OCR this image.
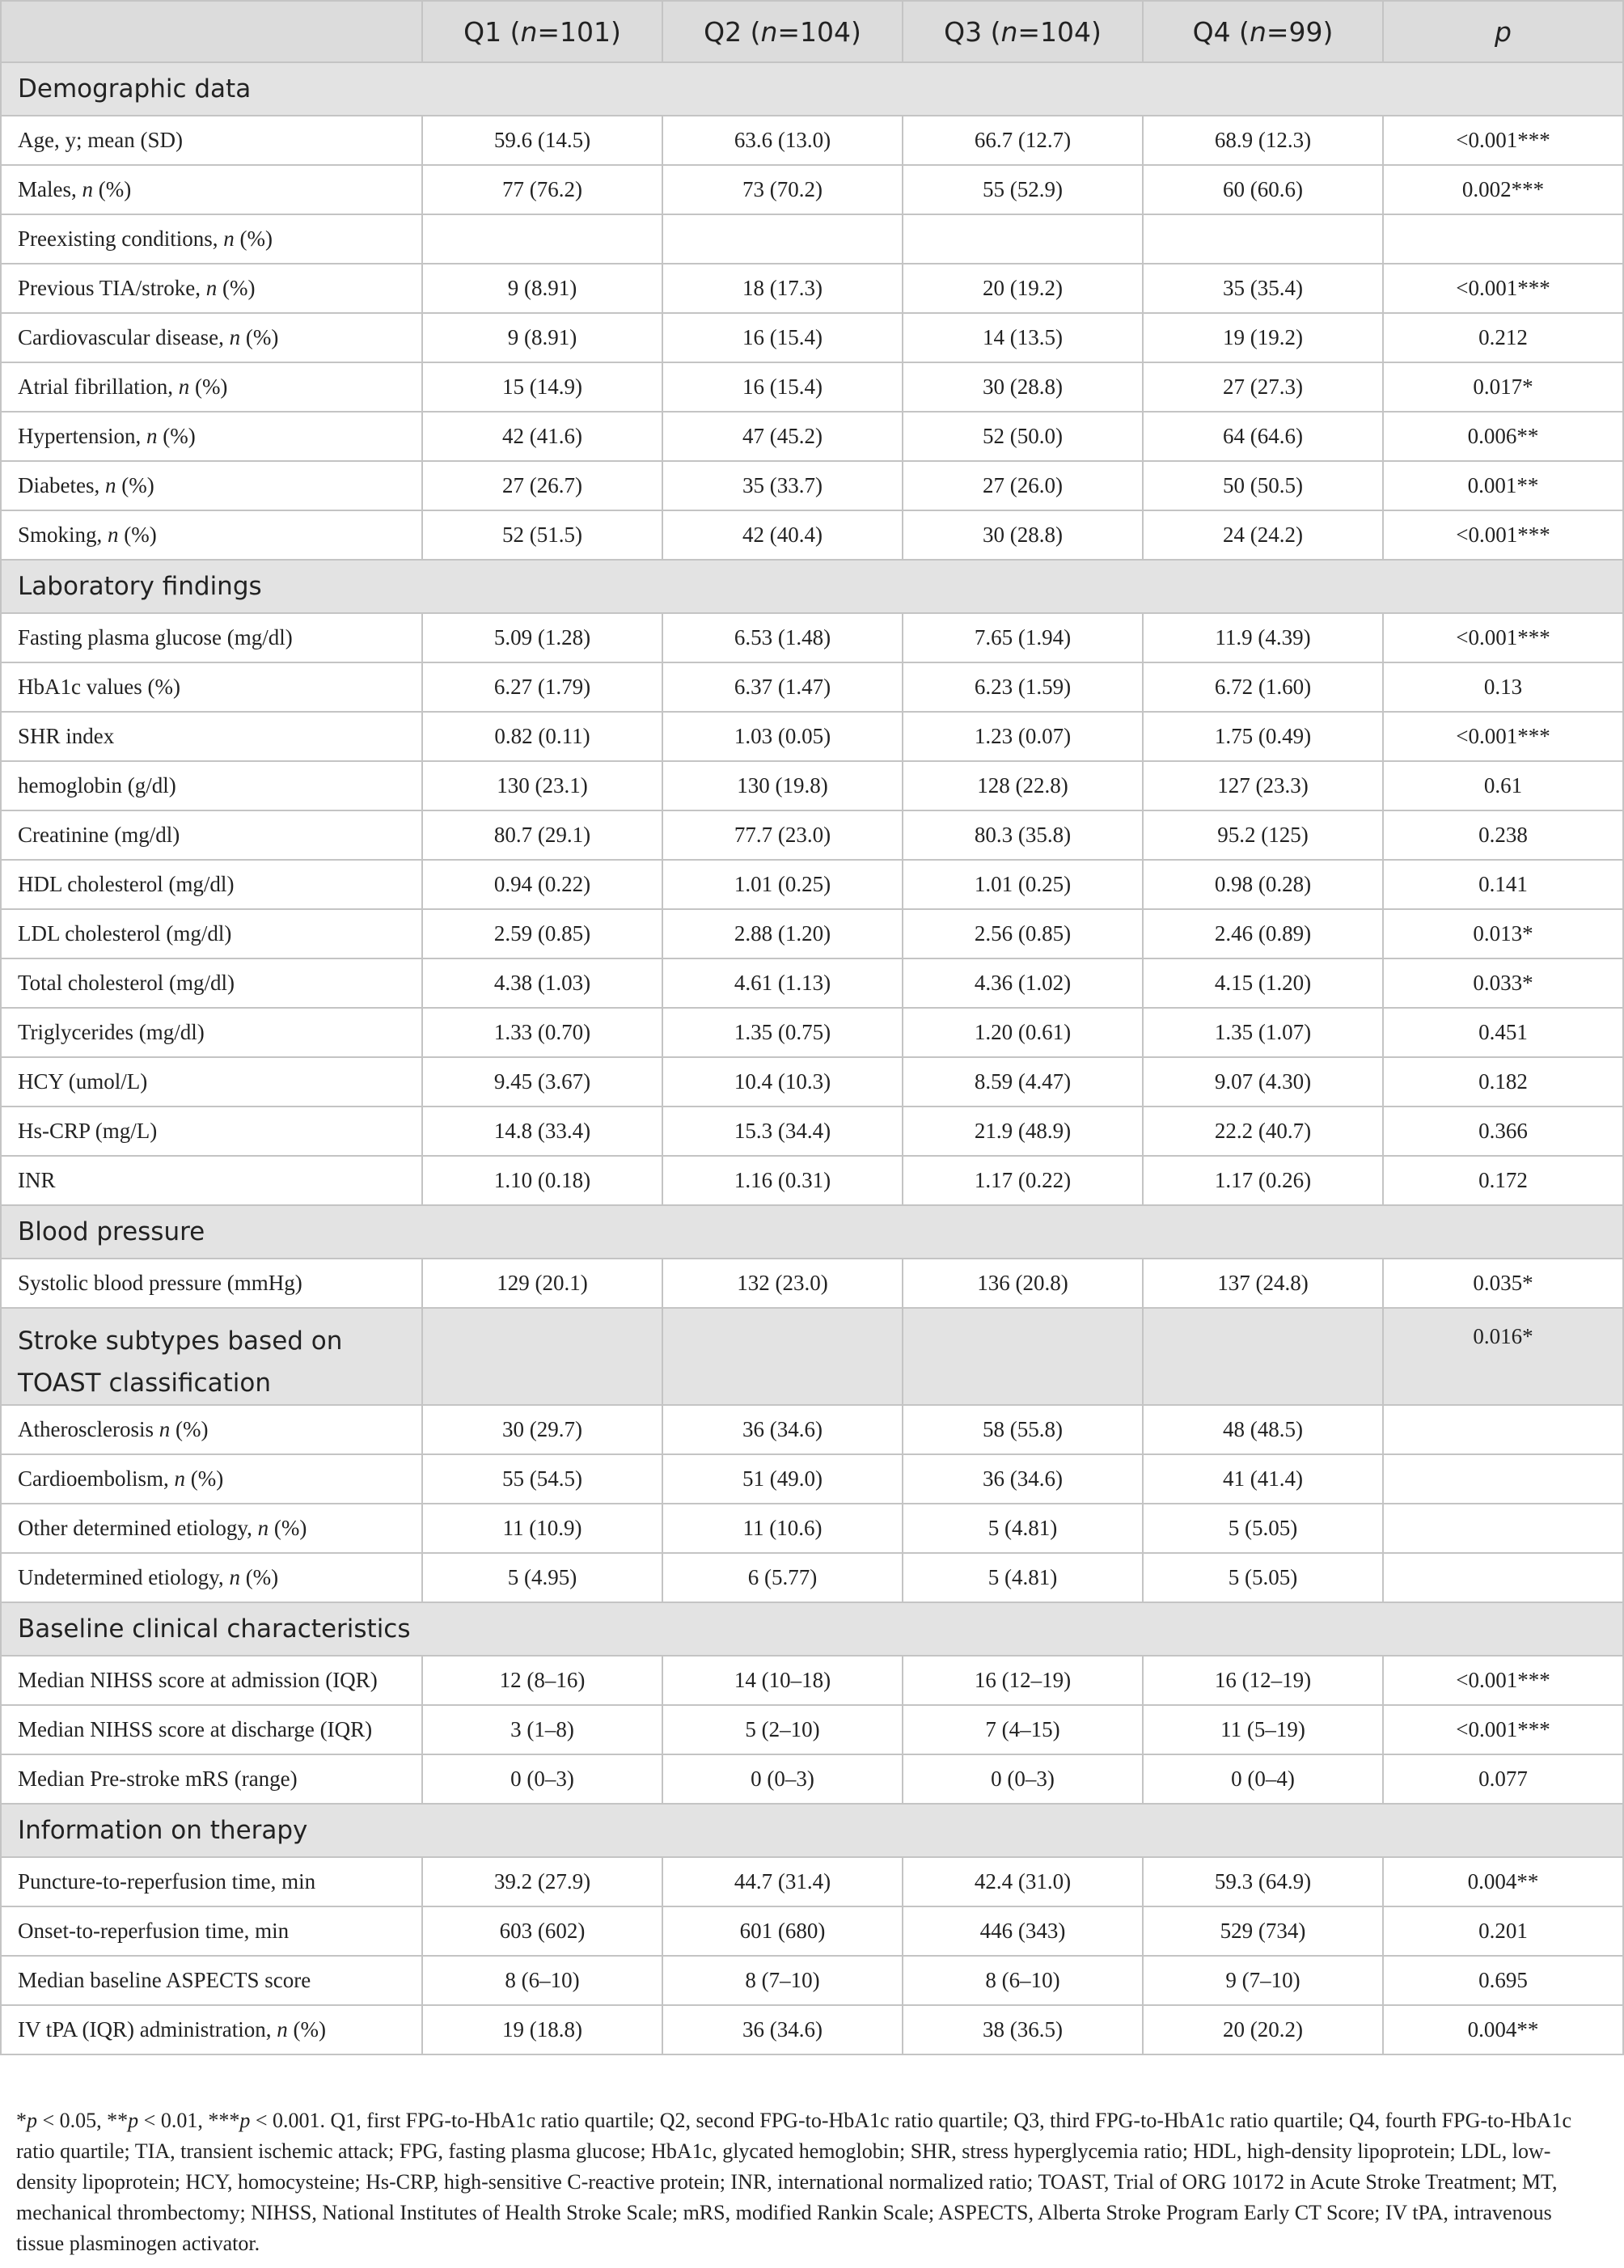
	Q1 (n=101)	Q2 (n=104)	Q3 (n=104)	Q4 (n=99)	p
Demographic data					
Age, y; mean (SD)	59.6 (14.5)	63.6 (13.0)	66.7 (12.7)	68.9 (12.3)	<0.001***
Males, n (%)	77 (76.2)	73 (70.2)	55 (52.9)	60 (60.6)	0.002***
Preexisting conditions, n (%)					
Previous TIA/stroke, n (%)	9 (8.91)	18 (17.3)	20 (19.2)	35 (35.4)	<0.001***
Cardiovascular disease, n (%)	9 (8.91)	16 (15.4)	14 (13.5)	19 (19.2)	0.212
Atrial fibrillation, n (%)	15 (14.9)	16 (15.4)	30 (28.8)	27 (27.3)	0.017*
Hypertension, n (%)	42 (41.6)	47 (45.2)	52 (50.0)	64 (64.6)	0.006**
Diabetes, n (%)	27 (26.7)	35 (33.7)	27 (26.0)	50 (50.5)	0.001**
Smoking, n (%)	52 (51.5)	42 (40.4)	30 (28.8)	24 (24.2)	<0.001***
Laboratory findings					
Fasting plasma glucose (mg/dl)	5.09 (1.28)	6.53 (1.48)	7.65 (1.94)	11.9 (4.39)	<0.001***
HbA1c values (%)	6.27 (1.79)	6.37 (1.47)	6.23 (1.59)	6.72 (1.60)	0.13
SHR index	0.82 (0.11)	1.03 (0.05)	1.23 (0.07)	1.75 (0.49)	<0.001***
hemoglobin (g/dl)	130 (23.1)	130 (19.8)	128 (22.8)	127 (23.3)	0.61
Creatinine (mg/dl)	80.7 (29.1)	77.7 (23.0)	80.3 (35.8)	95.2 (125)	0.238
HDL cholesterol (mg/dl)	0.94 (0.22)	1.01 (0.25)	1.01 (0.25)	0.98 (0.28)	0.141
LDL cholesterol (mg/dl)	2.59 (0.85)	2.88 (1.20)	2.56 (0.85)	2.46 (0.89)	0.013*
Total cholesterol (mg/dl)	4.38 (1.03)	4.61 (1.13)	4.36 (1.02)	4.15 (1.20)	0.033*
Triglycerides (mg/dl)	1.33 (0.70)	1.35 (0.75)	1.20 (0.61)	1.35 (1.07)	0.451
HCY (umol/L)	9.45 (3.67)	10.4 (10.3)	8.59 (4.47)	9.07 (4.30)	0.182
Hs-CRP (mg/L)	14.8 (33.4)	15.3 (34.4)	21.9 (48.9)	22.2 (40.7)	0.366
INR	1.10 (0.18)	1.16 (0.31)	1.17 (0.22)	1.17 (0.26)	0.172
Blood pressure					
Systolic blood pressure (mmHg)	129 (20.1)	132 (23.0)	136 (20.8)	137 (24.8)	0.035*

Stroke subtypes based on
TOAST classification					0.016*
Atherosclerosis n (%)	30 (29.7)	36 (34.6)	58 (55.8)	48 (48.5)	
Cardioembolism, n (%)	55 (54.5)	51 (49.0)	36 (34.6)	41 (41.4)	
Other determined etiology, n (%)	11 (10.9)	11 (10.6)	5 (4.81)	5 (5.05)	
Undetermined etiology, n (%)	5 (4.95)	6 (5.77)	5 (4.81)	5 (5.05)	
Baseline clinical characteristics					
Median NIHSS score at admission (IQR)	12 (8–16)	14 (10–18)	16 (12–19)	16 (12–19)	<0.001***
Median NIHSS score at discharge (IQR)	3 (1–8)	5 (2–10)	7 (4–15)	11 (5–19)	<0.001***
Median Pre-stroke mRS (range)	0 (0–3)	0 (0–3)	0 (0–3)	0 (0–4)	0.077
Information on therapy					
Puncture-to-reperfusion time, min	39.2 (27.9)	44.7 (31.4)	42.4 (31.0)	59.3 (64.9)	0.004**
Onset-to-reperfusion time, min	603 (602)	601 (680)	446 (343)	529 (734)	0.201
Median baseline ASPECTS score	8 (6–10)	8 (7–10)	8 (6–10)	9 (7–10)	0.695
IV tPA (IQR) administration, n (%)	19 (18.8)	36 (34.6)	38 (36.5)	20 (20.2)	0.004**

*p < 0.05, **p < 0.01, ***p < 0.001. Q1, first FPG-to-HbA1c ratio quartile; Q2, second FPG-to-HbA1c ratio quartile; Q3, third FPG-to-HbA1c ratio quartile; Q4, fourth FPG-to-HbA1c ratio quartile; TIA, transient ischemic attack; FPG, fasting plasma glucose; HbA1c, glycated hemoglobin; SHR, stress hyperglycemia ratio; HDL, high-density lipoprotein; LDL, low-density lipoprotein; HCY, homocysteine; Hs-CRP, high-sensitive C-reactive protein; INR, international normalized ratio; TOAST, Trial of ORG 10172 in Acute Stroke Treatment; MT, mechanical thrombectomy; NIHSS, National Institutes of Health Stroke Scale; mRS, modified Rankin Scale; ASPECTS, Alberta Stroke Program Early CT Score; IV tPA, intravenous tissue plasminogen activator.
